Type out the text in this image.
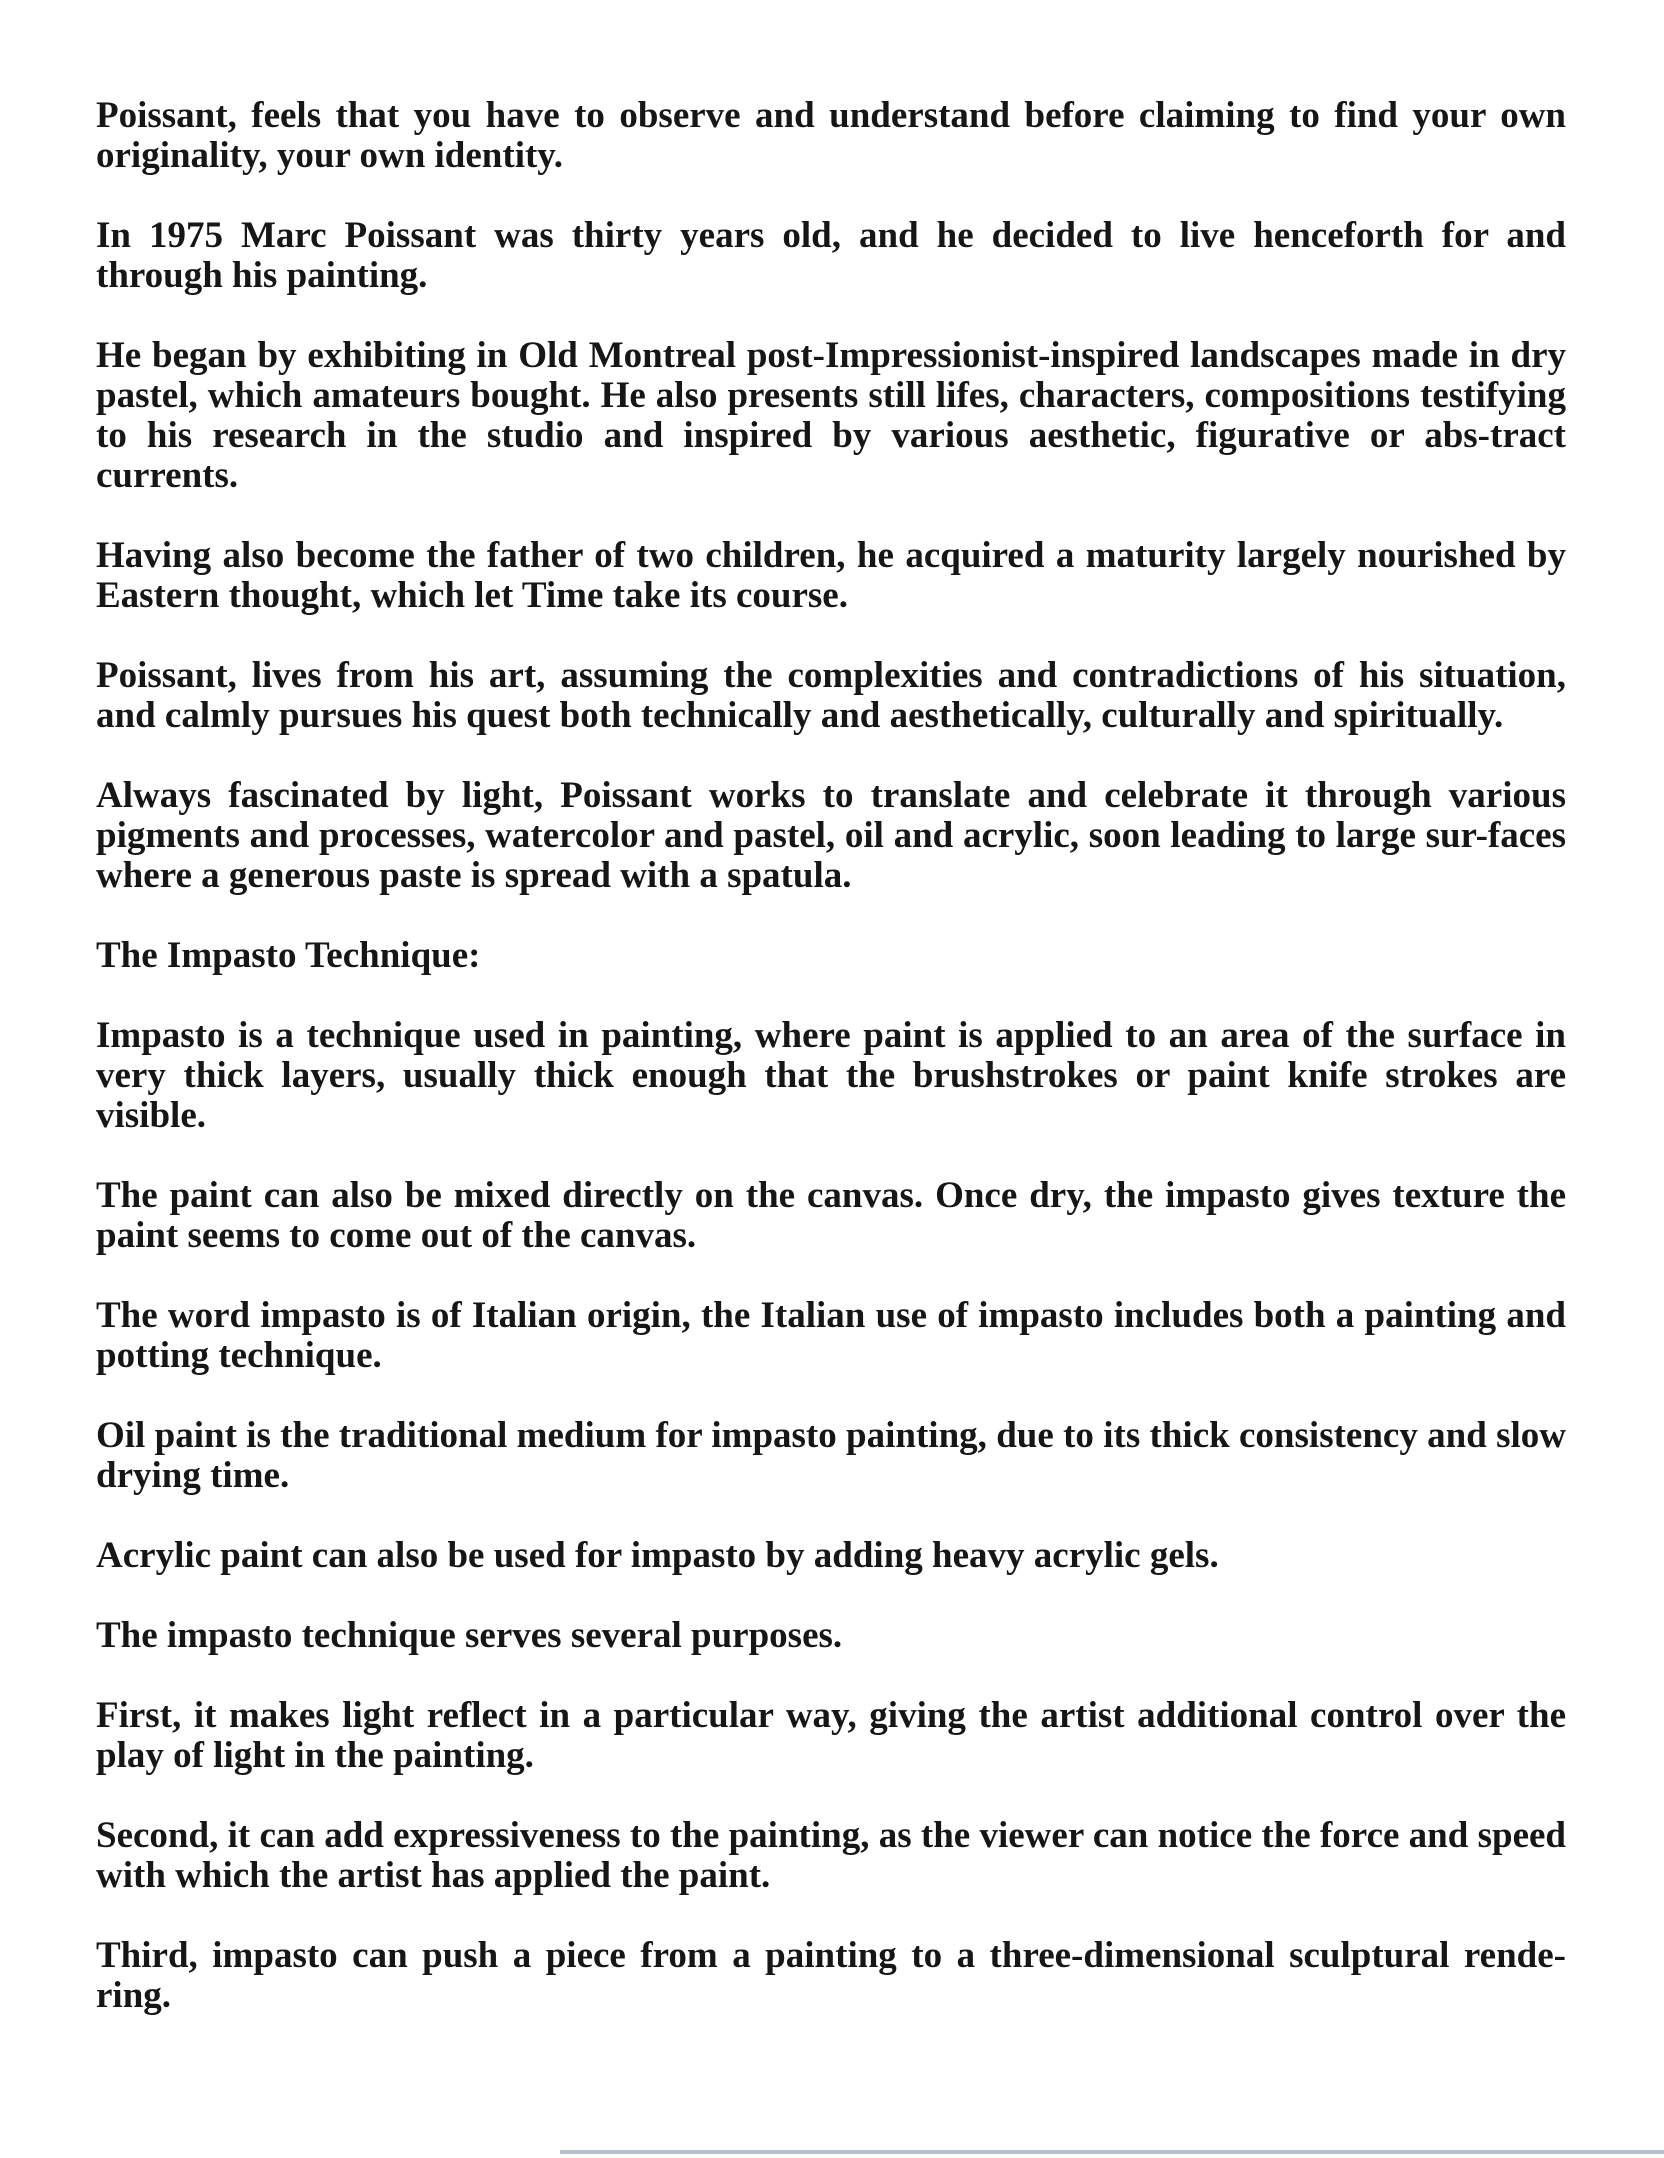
Poissant, feels that you have to observe and understand before claiming to find your own originality, your own identity.

In 1975 Marc Poissant was thirty years old, and he decided to live henceforth for and through his painting.

He began by exhibiting in Old Montreal post-Impressionist-inspired landscapes made in dry pastel, which amateurs bought. He also presents still lifes, characters, compositions testifying to his research in the studio and inspired by various aesthetic, figurative or abs-tract currents.

Having also become the father of two children, he acquired a maturity largely nourished by Eastern thought, which let Time take its course.

Poissant, lives from his art, assuming the complexities and contradictions of his situation, and calmly pursues his quest both technically and aesthetically, culturally and spiritually.

Always fascinated by light, Poissant works to translate and celebrate it through various pigments and processes, watercolor and pastel, oil and acrylic, soon leading to large sur-faces where a generous paste is spread with a spatula.

The Impasto Technique:

Impasto is a technique used in painting, where paint is applied to an area of the surface in very thick layers, usually thick enough that the brushstrokes or paint knife strokes are visible.

The paint can also be mixed directly on the canvas. Once dry, the impasto gives texture the paint seems to come out of the canvas.

The word impasto is of Italian origin, the Italian use of impasto includes both a painting and potting technique.

Oil paint is the traditional medium for impasto painting, due to its thick consistency and slow drying time.

Acrylic paint can also be used for impasto by adding heavy acrylic gels.

The impasto technique serves several purposes.

First, it makes light reflect in a particular way, giving the artist additional control over the play of light in the painting.

Second, it can add expressiveness to the painting, as the viewer can notice the force and speed with which the artist has applied the paint.

Third, impasto can push a piece from a painting to a three-dimensional sculptural rende-ring.
